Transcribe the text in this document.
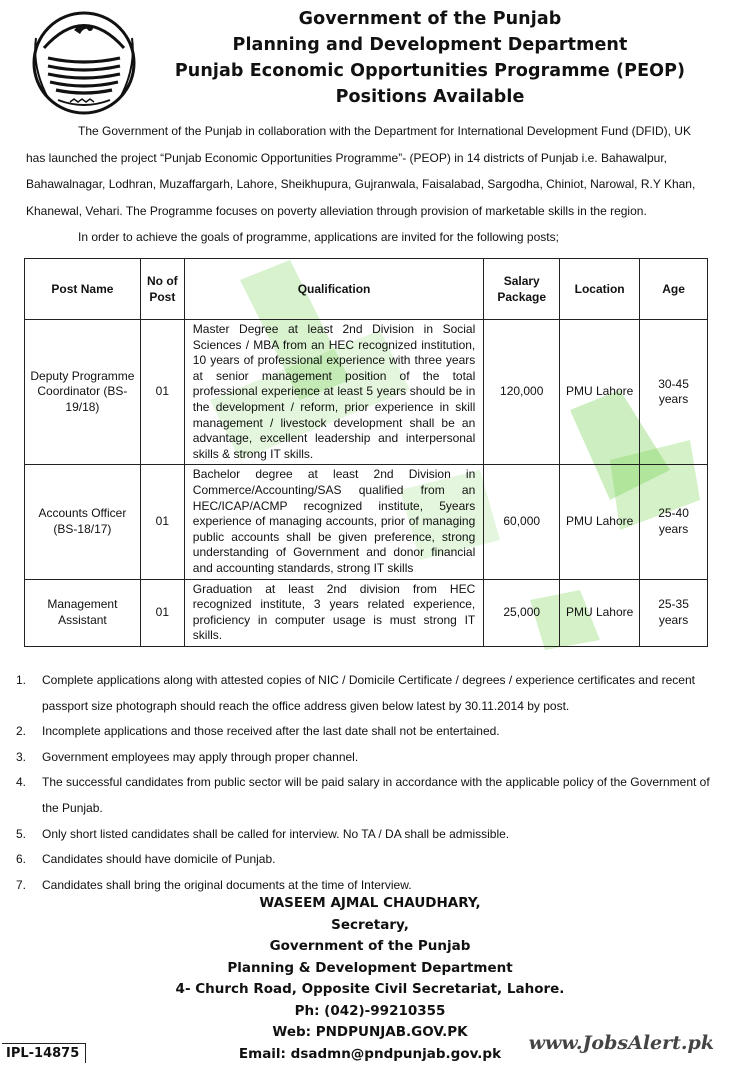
Government of the Punjab
Planning and Development Department
Punjab Economic Opportunities Programme (PEOP)
Positions Available

The Government of the Punjab in collaboration with the Department for International Development Fund (DFID), UK has launched the project “Punjab Economic Opportunities Programme”- (PEOP) in 14 districts of Punjab i.e. Bahawalpur, Bahawalnagar, Lodhran, Muzaffargarh, Lahore, Sheikhupura, Gujranwala, Faisalabad, Sargodha, Chiniot, Narowal, R.Y Khan, Khanewal, Vehari. The Programme focuses on poverty alleviation through provision of marketable skills in the region.

In order to achieve the goals of programme, applications are invited for the following posts;

Post Name	No of Post	Qualification	Salary Package	Location	Age
Deputy Programme Coordinator (BS-19/18)	01	Master Degree at least 2nd Division in Social Sciences / MBA from an HEC recognized institution, 10 years of professional experience with three years at senior management position of the total professional experience at least 5 years should be in the development / reform, prior experience in skill management / livestock development shall be an advantage, excellent leadership and interpersonal skills & strong IT skills.	120,000	PMU Lahore	30-45 years
Accounts Officer (BS-18/17)	01	Bachelor degree at least 2nd Division in Commerce/Accounting/SAS qualified from an HEC/ICAP/ACMP recognized institute, 5years experience of managing accounts, prior of managing public accounts shall be given preference, strong understanding of Government and donor financial and accounting standards, strong IT skills	60,000	PMU Lahore	25-40 years
Management Assistant	01	Graduation at least 2nd division from HEC recognized institute, 3 years related experience, proficiency in computer usage is must strong IT skills.	25,000	PMU Lahore	25-35 years
1. Complete applications along with attested copies of NIC / Domicile Certificate / degrees / experience certificates and recent passport size photograph should reach the office address given below latest by 30.11.2014 by post.
2. Incomplete applications and those received after the last date shall not be entertained.
3. Government employees may apply through proper channel.
4. The successful candidates from public sector will be paid salary in accordance with the applicable policy of the Government of the Punjab.
5. Only short listed candidates shall be called for interview. No TA / DA shall be admissible.
6. Candidates should have domicile of Punjab.
7. Candidates shall bring the original documents at the time of Interview.
WASEEM AJMAL CHAUDHARY,
Secretary,
Government of the Punjab
Planning & Development Department
4- Church Road, Opposite Civil Secretariat, Lahore.
Ph: (042)-99210355
Web: PNDPUNJAB.GOV.PK
Email: dsadmn@pndpunjab.gov.pk
IPL-14875	www.JobsAlert.pk
